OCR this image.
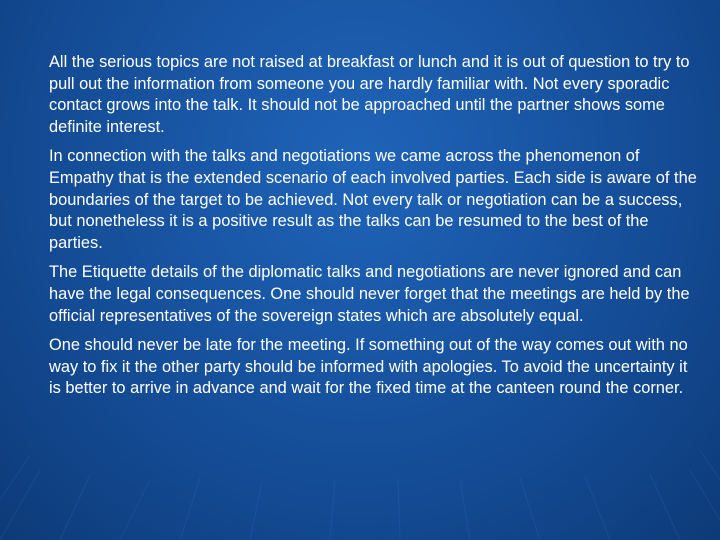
All the serious topics are not raised at breakfast or lunch and it is out of question to try to pull out the information from someone you are hardly familiar with. Not every sporadic contact grows into the talk. It should not be approached until the partner shows some definite interest.

In connection with the talks and negotiations we came across the phenomenon of Empathy that is the extended scenario of each involved parties. Each side is aware of the boundaries of the target to be achieved. Not every talk or negotiation can be a success, but nonetheless it is a positive result as the talks can be resumed to the best of the parties.

The Etiquette details of the diplomatic talks and negotiations are never ignored and can have the legal consequences. One should never forget that the meetings are held by the official representatives of the sovereign states which are absolutely equal.

One should never be late for the meeting. If something out of the way comes out with no way to fix it the other party should be informed with apologies. To avoid the uncertainty it is better to arrive in advance and wait for the fixed time at the canteen round the corner.
